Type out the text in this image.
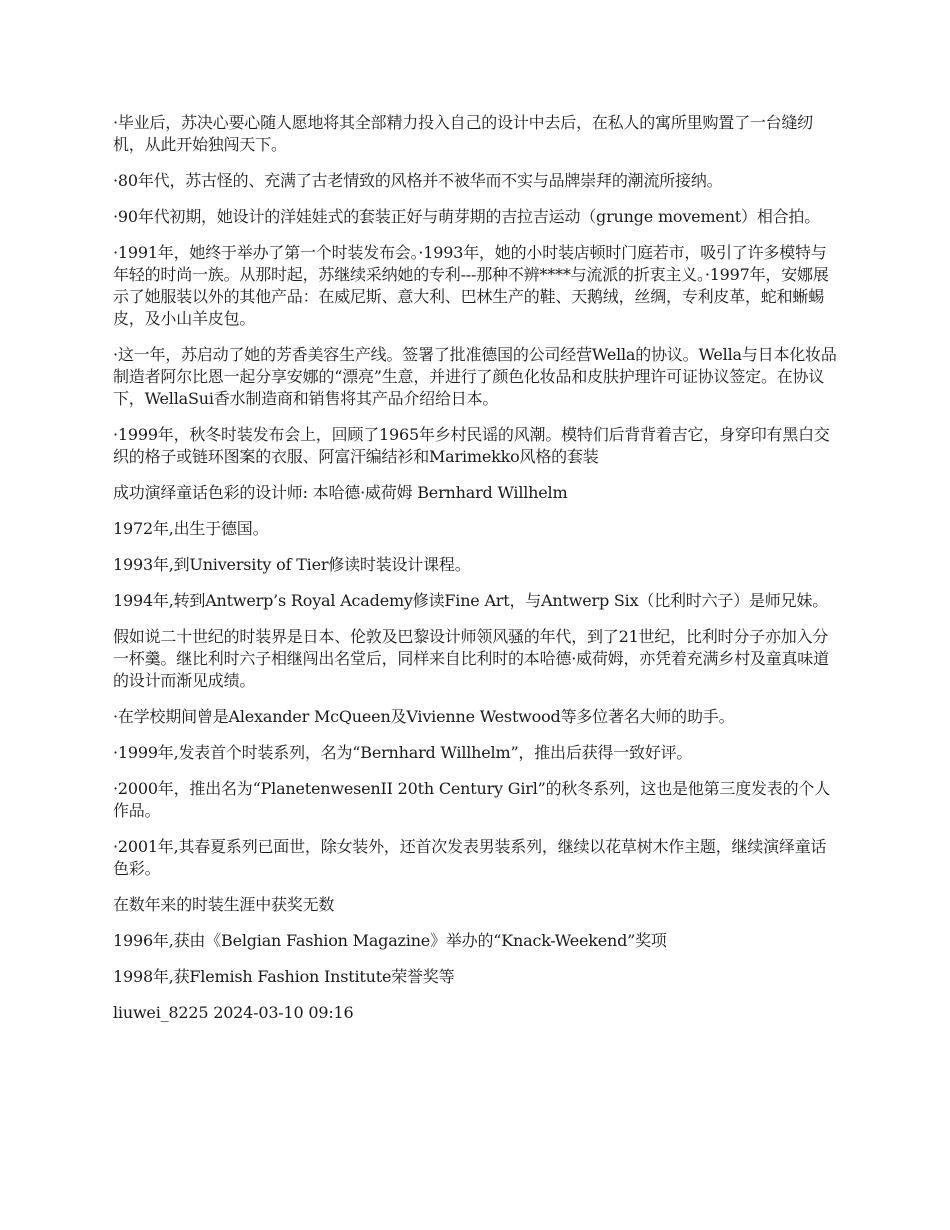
·毕业后，苏决心要心随人愿地将其全部精力投入自己的设计中去后，在私人的寓所里购置了一台缝纫机，从此开始独闯天下。

·80年代，苏古怪的、充满了古老情致的风格并不被华而不实与品牌崇拜的潮流所接纳。

·90年代初期，她设计的洋娃娃式的套装正好与萌芽期的吉拉吉运动（grunge movement）相合拍。

·1991年，她终于举办了第一个时装发布会。·1993年，她的小时装店顿时门庭若市，吸引了许多模特与年轻的时尚一族。从那时起，苏继续采纳她的专利---那种不辨****与流派的折衷主义。·1997年，安娜展示了她服装以外的其他产品：在威尼斯、意大利、巴林生产的鞋、天鹅绒，丝绸，专利皮革，蛇和蜥蜴皮，及小山羊皮包。

·这一年，苏启动了她的芳香美容生产线。签署了批准德国的公司经营Wella的协议。Wella与日本化妆品制造者阿尔比恩一起分享安娜的“漂亮”生意，并进行了颜色化妆品和皮肤护理许可证协议签定。在协议下，WellaSui香水制造商和销售将其产品介绍给日本。

·1999年，秋冬时装发布会上，回顾了1965年乡村民谣的风潮。模特们后背背着吉它，身穿印有黑白交织的格子或链环图案的衣服、阿富汗编结衫和Marimekko风格的套装

成功演绎童话色彩的设计师: 本哈德·威荷姆 Bernhard Willhelm

1972年,出生于德国。

1993年,到University of Tier修读时装设计课程。

1994年,转到Antwerp’s Royal Academy修读Fine Art，与Antwerp Six（比利时六子）是师兄妹。

假如说二十世纪的时装界是日本、伦敦及巴黎设计师领风骚的年代，到了21世纪，比利时分子亦加入分一杯羹。继比利时六子相继闯出名堂后，同样来自比利时的本哈德·威荷姆，亦凭着充满乡村及童真味道的设计而渐见成绩。

·在学校期间曾是Alexander McQueen及Vivienne Westwood等多位著名大师的助手。

·1999年,发表首个时装系列，名为“Bernhard Willhelm”，推出后获得一致好评。

·2000年，推出名为“PlanetenwesenII 20th Century Girl”的秋冬系列，这也是他第三度发表的个人作品。

·2001年,其春夏系列已面世，除女装外，还首次发表男装系列，继续以花草树木作主题，继续演绎童话色彩。

在数年来的时装生涯中获奖无数

1996年,获由《Belgian Fashion Magazine》举办的“Knack-Weekend”奖项

1998年,获Flemish Fashion Institute荣誉奖等

liuwei_8225 2024-03-10 09:16
